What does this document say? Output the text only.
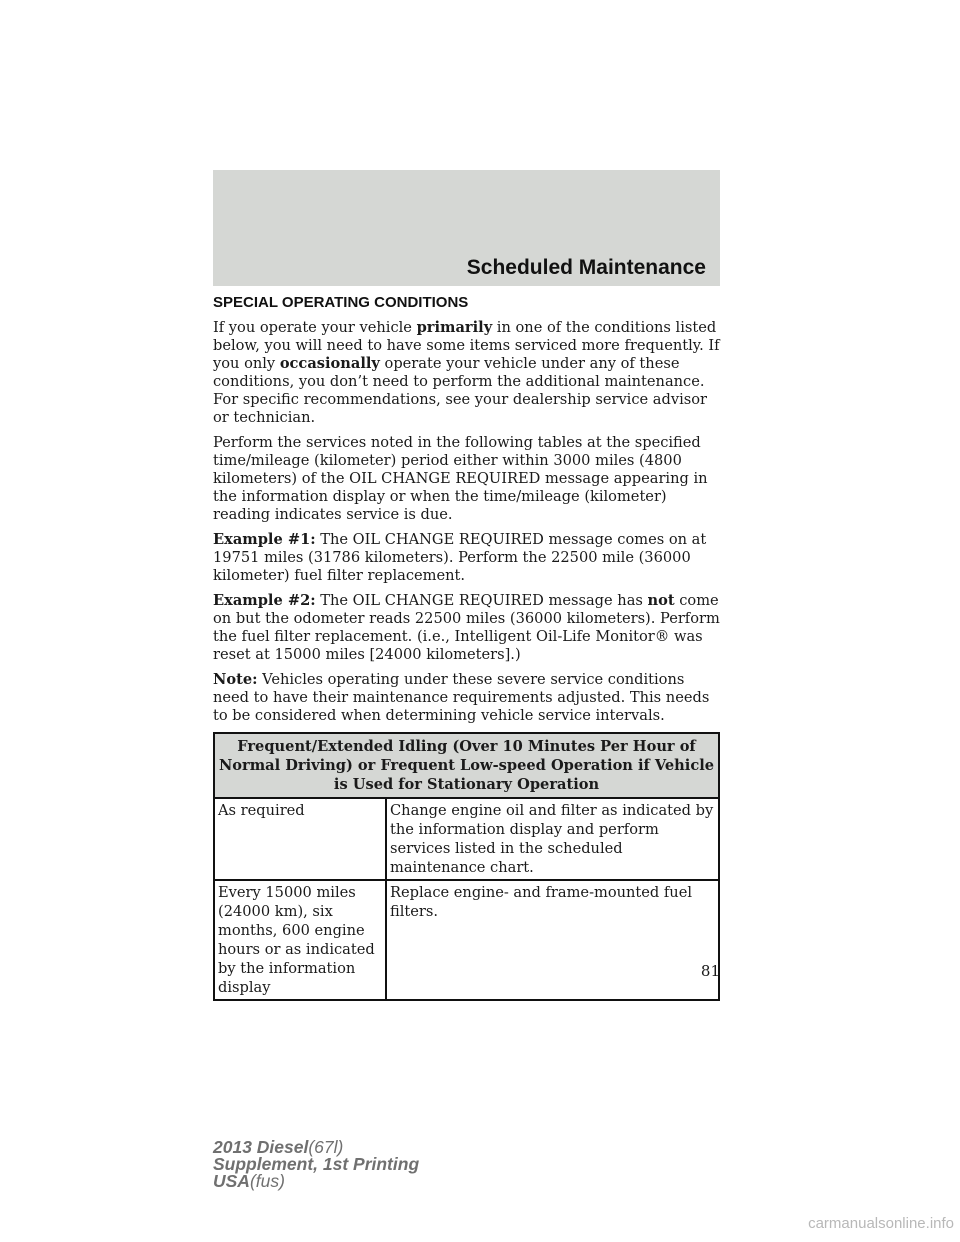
Scheduled Maintenance
SPECIAL OPERATING CONDITIONS

If you operate your vehicle primarily in one of the conditions listed below, you will need to have some items serviced more frequently. If you only occasionally operate your vehicle under any of these conditions, you don’t need to perform the additional maintenance. For specific recommendations, see your dealership service advisor or technician.

Perform the services noted in the following tables at the specified time/mileage (kilometer) period either within 3000 miles (4800 kilometers) of the OIL CHANGE REQUIRED message appearing in the information display or when the time/mileage (kilometer) reading indicates service is due.

Example #1: The OIL CHANGE REQUIRED message comes on at 19751 miles (31786 kilometers). Perform the 22500 mile (36000 kilometer) fuel filter replacement.

Example #2: The OIL CHANGE REQUIRED message has not come on but the odometer reads 22500 miles (36000 kilometers). Perform the fuel filter replacement. (i.e., Intelligent Oil-Life Monitor® was reset at 15000 miles [24000 kilometers].)

Note: Vehicles operating under these severe service conditions need to have their maintenance requirements adjusted. This needs to be considered when determining vehicle service intervals.

Frequent/Extended Idling (Over 10 Minutes Per Hour of Normal Driving) or Frequent Low-speed Operation if Vehicle is Used for Stationary Operation	
As required	Change engine oil and filter as indicated by the information display and perform services listed in the scheduled maintenance chart.
Every 15000 miles (24000 km), six months, 600 engine hours or as indicated by the information display	Replace engine- and frame-mounted fuel filters.
81
2013 Diesel(67l)
Supplement, 1st Printing
USA(fus)
carmanualsonline.info
